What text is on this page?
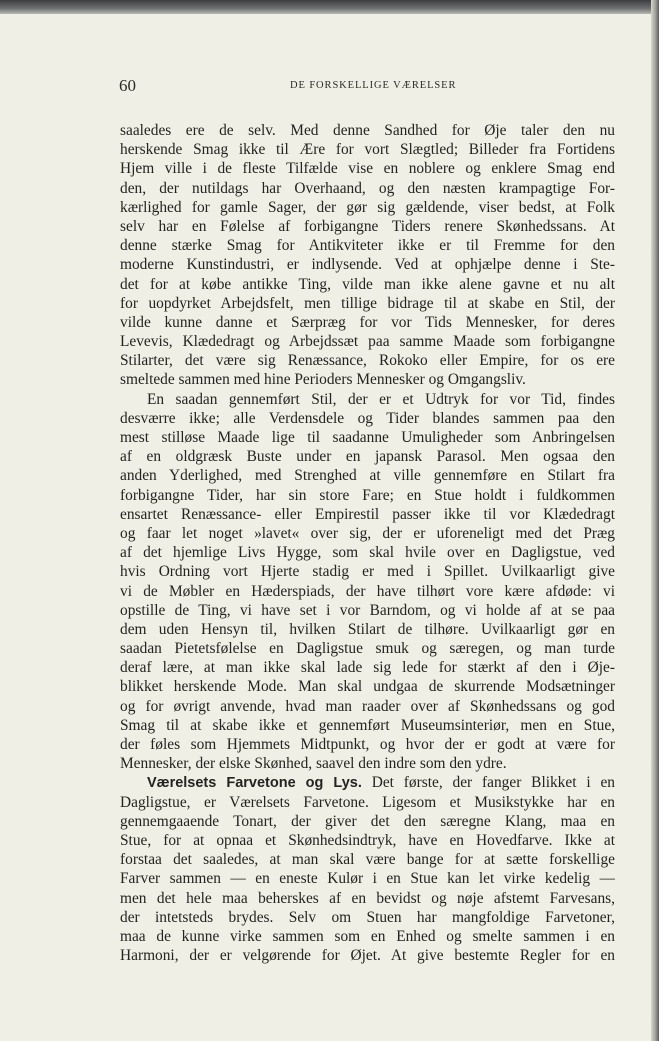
60	DE FORSKELLIGE VÆRELSER

saaledes ere de selv. Med denne Sandhed for Øje taler den nu
herskende Smag ikke til Ære for vort Slægtled; Billeder fra Fortidens
Hjem ville i de fleste Tilfælde vise en noblere og enklere Smag end
den, der nutildags har Overhaand, og den næsten krampagtige For-
kærlighed for gamle Sager, der gør sig gældende, viser bedst, at Folk
selv har en Følelse af forbigangne Tiders renere Skønhedssans. At
denne stærke Smag for Antikviteter ikke er til Fremme for den
moderne Kunstindustri, er indlysende. Ved at ophjælpe denne i Ste-
det for at købe antikke Ting, vilde man ikke alene gavne et nu alt
for uopdyrket Arbejdsfelt, men tillige bidrage til at skabe en Stil, der
vilde kunne danne et Særpræg for vor Tids Mennesker, for deres
Levevis, Klædedragt og Arbejdssæt paa samme Maade som forbigangne
Stilarter, det være sig Renæssance, Rokoko eller Empire, for os ere
smeltede sammen med hine Perioders Mennesker og Omgangsliv.
En saadan gennemført Stil, der er et Udtryk for vor Tid, findes
desværre ikke; alle Verdensdele og Tider blandes sammen paa den
mest stilløse Maade lige til saadanne Umuligheder som Anbringelsen
af en oldgræsk Buste under en japansk Parasol. Men ogsaa den
anden Yderlighed, med Strenghed at ville gennemføre en Stilart fra
forbigangne Tider, har sin store Fare; en Stue holdt i fuldkommen
ensartet Renæssance- eller Empirestil passer ikke til vor Klædedragt
og faar let noget »lavet« over sig, der er uforeneligt med det Præg
af det hjemlige Livs Hygge, som skal hvile over en Dagligstue, ved
hvis Ordning vort Hjerte stadig er med i Spillet. Uvilkaarligt give
vi de Møbler en Hæderspiads, der have tilhørt vore kære afdøde: vi
opstille de Ting, vi have set i vor Barndom, og vi holde af at se paa
dem uden Hensyn til, hvilken Stilart de tilhøre. Uvilkaarligt gør en
saadan Pietetsfølelse en Dagligstue smuk og særegen, og man turde
deraf lære, at man ikke skal lade sig lede for stærkt af den i Øje-
blikket herskende Mode. Man skal undgaa de skurrende Modsætninger
og for øvrigt anvende, hvad man raader over af Skønhedssans og god
Smag til at skabe ikke et gennemført Museumsinteriør, men en Stue,
der føles som Hjemmets Midtpunkt, og hvor der er godt at være for
Mennesker, der elske Skønhed, saavel den indre som den ydre.
Værelsets Farvetone og Lys. Det første, der fanger Blikket i en
Dagligstue, er Værelsets Farvetone. Ligesom et Musikstykke har en
gennemgaaende Tonart, der giver det den særegne Klang, maa en
Stue, for at opnaa et Skønhedsindtryk, have en Hovedfarve. Ikke at
forstaa det saaledes, at man skal være bange for at sætte forskellige
Farver sammen — en eneste Kulør i en Stue kan let virke kedelig —
men det hele maa beherskes af en bevidst og nøje afstemt Farvesans,
der intetsteds brydes. Selv om Stuen har mangfoldige Farvetoner,
maa de kunne virke sammen som en Enhed og smelte sammen i en
Harmoni, der er velgørende for Øjet. At give bestemte Regler for en
